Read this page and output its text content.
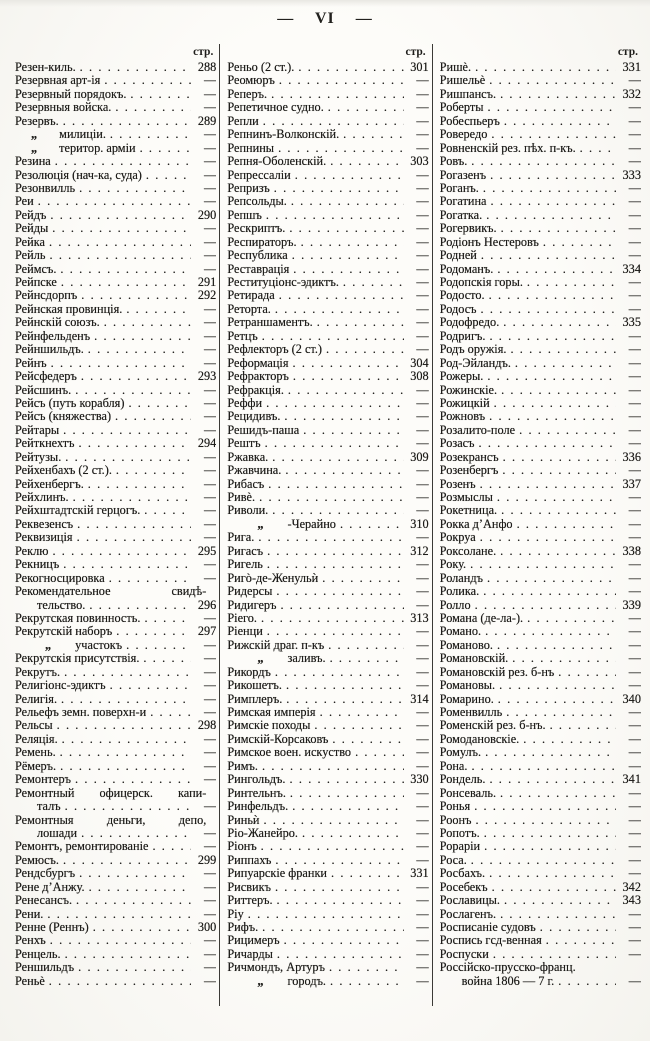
— VI —
стр.
Резен-киль. . . .	288
Резервная арт-ія . . .	—
Резервный порядокъ. . . .	—
Резервныя войска. . . .	—
Резервъ. . . .	289
„ милиціи. . . .	—
„ територ. арміи . . .	—
Резина . . .	—
Резолюція (нач-ка, суда) . . .	—
Резонвилль . . .	—
Реи . . .	—
Рейдъ . . .	290
Рейды . . .	—
Рейка . . .	—
Рейль . . .	—
Реймсъ. . . .	—
Рейпске . . .	291
Рейнсдорпъ . . .	292
Рейнская провинція. . . .	—
Рейнскій союзъ. . . .	—
Рейнфельденъ . . .	—
Рейншильдъ. . . .	—
Рейнъ . . .	—
Рейсфедеръ . . .	293
Рейсшинъ. . . .	—
Рейсъ (путь корабля) . . .	—
Рейсъ (княжества) . . .	—
Рейтары . . .	—
Рейткнехтъ . . .	294
Рейтузы. . . .	—
Рейхенбахъ (2 ст.). . . .	—
Рейхенбергъ. . . .	—
Рейхлинъ. . . .	—
Рейхштадтскій герцогъ. . . .	—
Реквезенсъ . . .	—
Реквизиція . . .	—
Реклю . . .	295
Рекницъ . . .	—
Рекогносцировка . . .	—
Рекомендательное свидѣ-
тельство. . . .	296
Рекрутская повинность. . . .	—
Рекрутскій наборъ . . .	297
„ участокъ . . .	—
Рекрутскія присутствія. . . .	—
Рекрутъ. . . .	—
Религіонс-эдиктъ . . .	—
Религія. . . .	—
Рельефъ земн. поверхн-и . . .	—
Рельсы . . .	298
Реляція. . . .	—
Ремень. . . .	—
Рёмеръ. . . .	—
Ремонтеръ . . .	—
Ремонтный офицерск. капи-
талъ . . .	—
Ремонтныя деньги, депо,
лошади . . .	—
Ремонтъ, ремонтированіе . . .	—
Ремюсъ. . . .	299
Рендсбургъ . . .	—
Рене д’Анжу. . . .	—
Ренесансъ. . . .	—
Рени. . . .	—
Ренне (Реннъ) . . .	300
Ренхъ . . .	—
Ренцель. . . .	—
Реншильдъ . . .	—
Реньè . . .	—
стр.
Реньо (2 ст.). . . .	301
Реомюръ . . .	—
Реперъ. . . .	—
Репетичное судно. . . .	—
Репли . . .	—
Репнинъ-Волконскій. . . .	—
Репнины . . .	—
Репня-Оболенскій. . . .	303
Репрессаліи . . .	—
Репризъ . . .	—
Репсольды. . . .	—
Репшъ . . .	—
Рескриптъ. . . .	—
Респираторъ. . . .	—
Республика . . .	—
Реставрація . . .	—
Реституціонс-эдиктъ. . . .	—
Ретирада . . .	—
Реторта. . . .	—
Ретраншаментъ. . . .	—
Ретцъ . . .	—
Рефлекторъ (2 ст.) . . .	—
Реформація . . .	304
Рефракторъ . . .	308
Рефракція. . . .	—
Реффи . . .	—
Рецидивъ. . . .	—
Решидъ-паша . . .	—
Рештъ . . .	—
Ржавка. . . .	309
Ржавчина. . . .	—
Рибасъ . . .	—
Ривè. . . .	—
Риволи. . . .	—
„ -Черайно . . .	310
Рига. . . .	—
Ригасъ . . .	312
Ригель . . .	—
Ригò-де-Женульѝ . . .	—
Ридерсы . . .	—
Ридигеръ . . .	—
Ріего. . . .	313
Ріенци . . .	—
Рижскій драг. п-къ . . .	—
„ заливъ. . . .	—
Рикордъ . . .	—
Рикошетъ. . . .	—
Римплеръ. . . .	314
Римская имперія . . .	—
Римскіе походы . . .	—
Римскій-Корсаковъ . . .	—
Римское воен. искуство . . .	—
Римъ. . . .	—
Рингольдъ. . . .	330
Ринтельнъ. . . .	—
Ринфельдъ. . . .	—
Риньѝ . . .	—
Ріо-Жанейро. . . .	—
Ріонъ . . .	—
Риппахъ . . .	—
Рипуарскіе франки . . .	331
Рисвикъ . . .	—
Риттеръ. . . .	—
Ріу . . .	—
Рифъ. . . .	—
Рицимеръ . . .	—
Ричарды . . .	—
Ричмондъ, Артуръ . . .	—
„ городъ. . . .	—
стр.
Ришè. . . .	331
Ришельè . . .	—
Ришпансъ. . . .	332
Роберты . . .	—
Робеспьеръ . . .	—
Ровередо . . .	—
Ровненскій рез. пѣх. п-къ. . . .	—
Ровъ. . . .	—
Рогазенъ . . .	333
Роганъ. . . .	—
Рогатина . . .	—
Рогатка. . . .	—
Рогервикъ. . . .	—
Родіонъ Нестеровъ . . .	—
Родней . . .	—
Родоманъ. . . .	334
Родопскія горы. . . .	—
Родосто. . . .	—
Родосъ . . .	—
Родофредо. . . .	335
Родригъ. . . .	—
Родъ оружія. . . .	—
Род-Эйландъ. . . .	—
Рожеры. . . .	—
Рожинскіе. . . .	—
Рожицкій . . .	—
Рожновъ . . .	—
Розалито-поле . . .	—
Розасъ . . .	—
Розекрансъ . . .	336
Розенбергъ . . .	—
Розенъ . . .	337
Розмыслы . . .	—
Рокетница. . . .	—
Рокка д’Анфо . . .	—
Рокруа . . .	—
Роксолане. . . .	338
Року. . . .	—
Роландъ . . .	—
Ролика. . . .	—
Ролло . . .	339
Романа (де-ла-). . . .	—
Романо. . . .	—
Романово. . . .	—
Романовскій. . . .	—
Романовскій рез. б-нъ . . .	—
Романовы. . . .	—
Ромарино. . . .	340
Роменвилль . . .	—
Роменскій рез. б-нъ. . . .	—
Ромодановскіе. . . .	—
Ромулъ. . . .	—
Рона. . . .	—
Рондель. . . .	341
Ронсеваль. . . .	—
Ронья . . .	—
Роонъ . . .	—
Ропотъ. . . .	—
Рораріи . . .	—
Роса. . . .	—
Росбахъ. . . .	—
Росебекъ . . .	342
Рославицы. . . .	343
Рослагенъ. . . .	—
Росписаніе судовъ . . .	—
Роспись гсд-венная . . .	—
Роспуски . . .	—
Россійско-прусско-франц.
война 1806 — 7 г. . . .	—
